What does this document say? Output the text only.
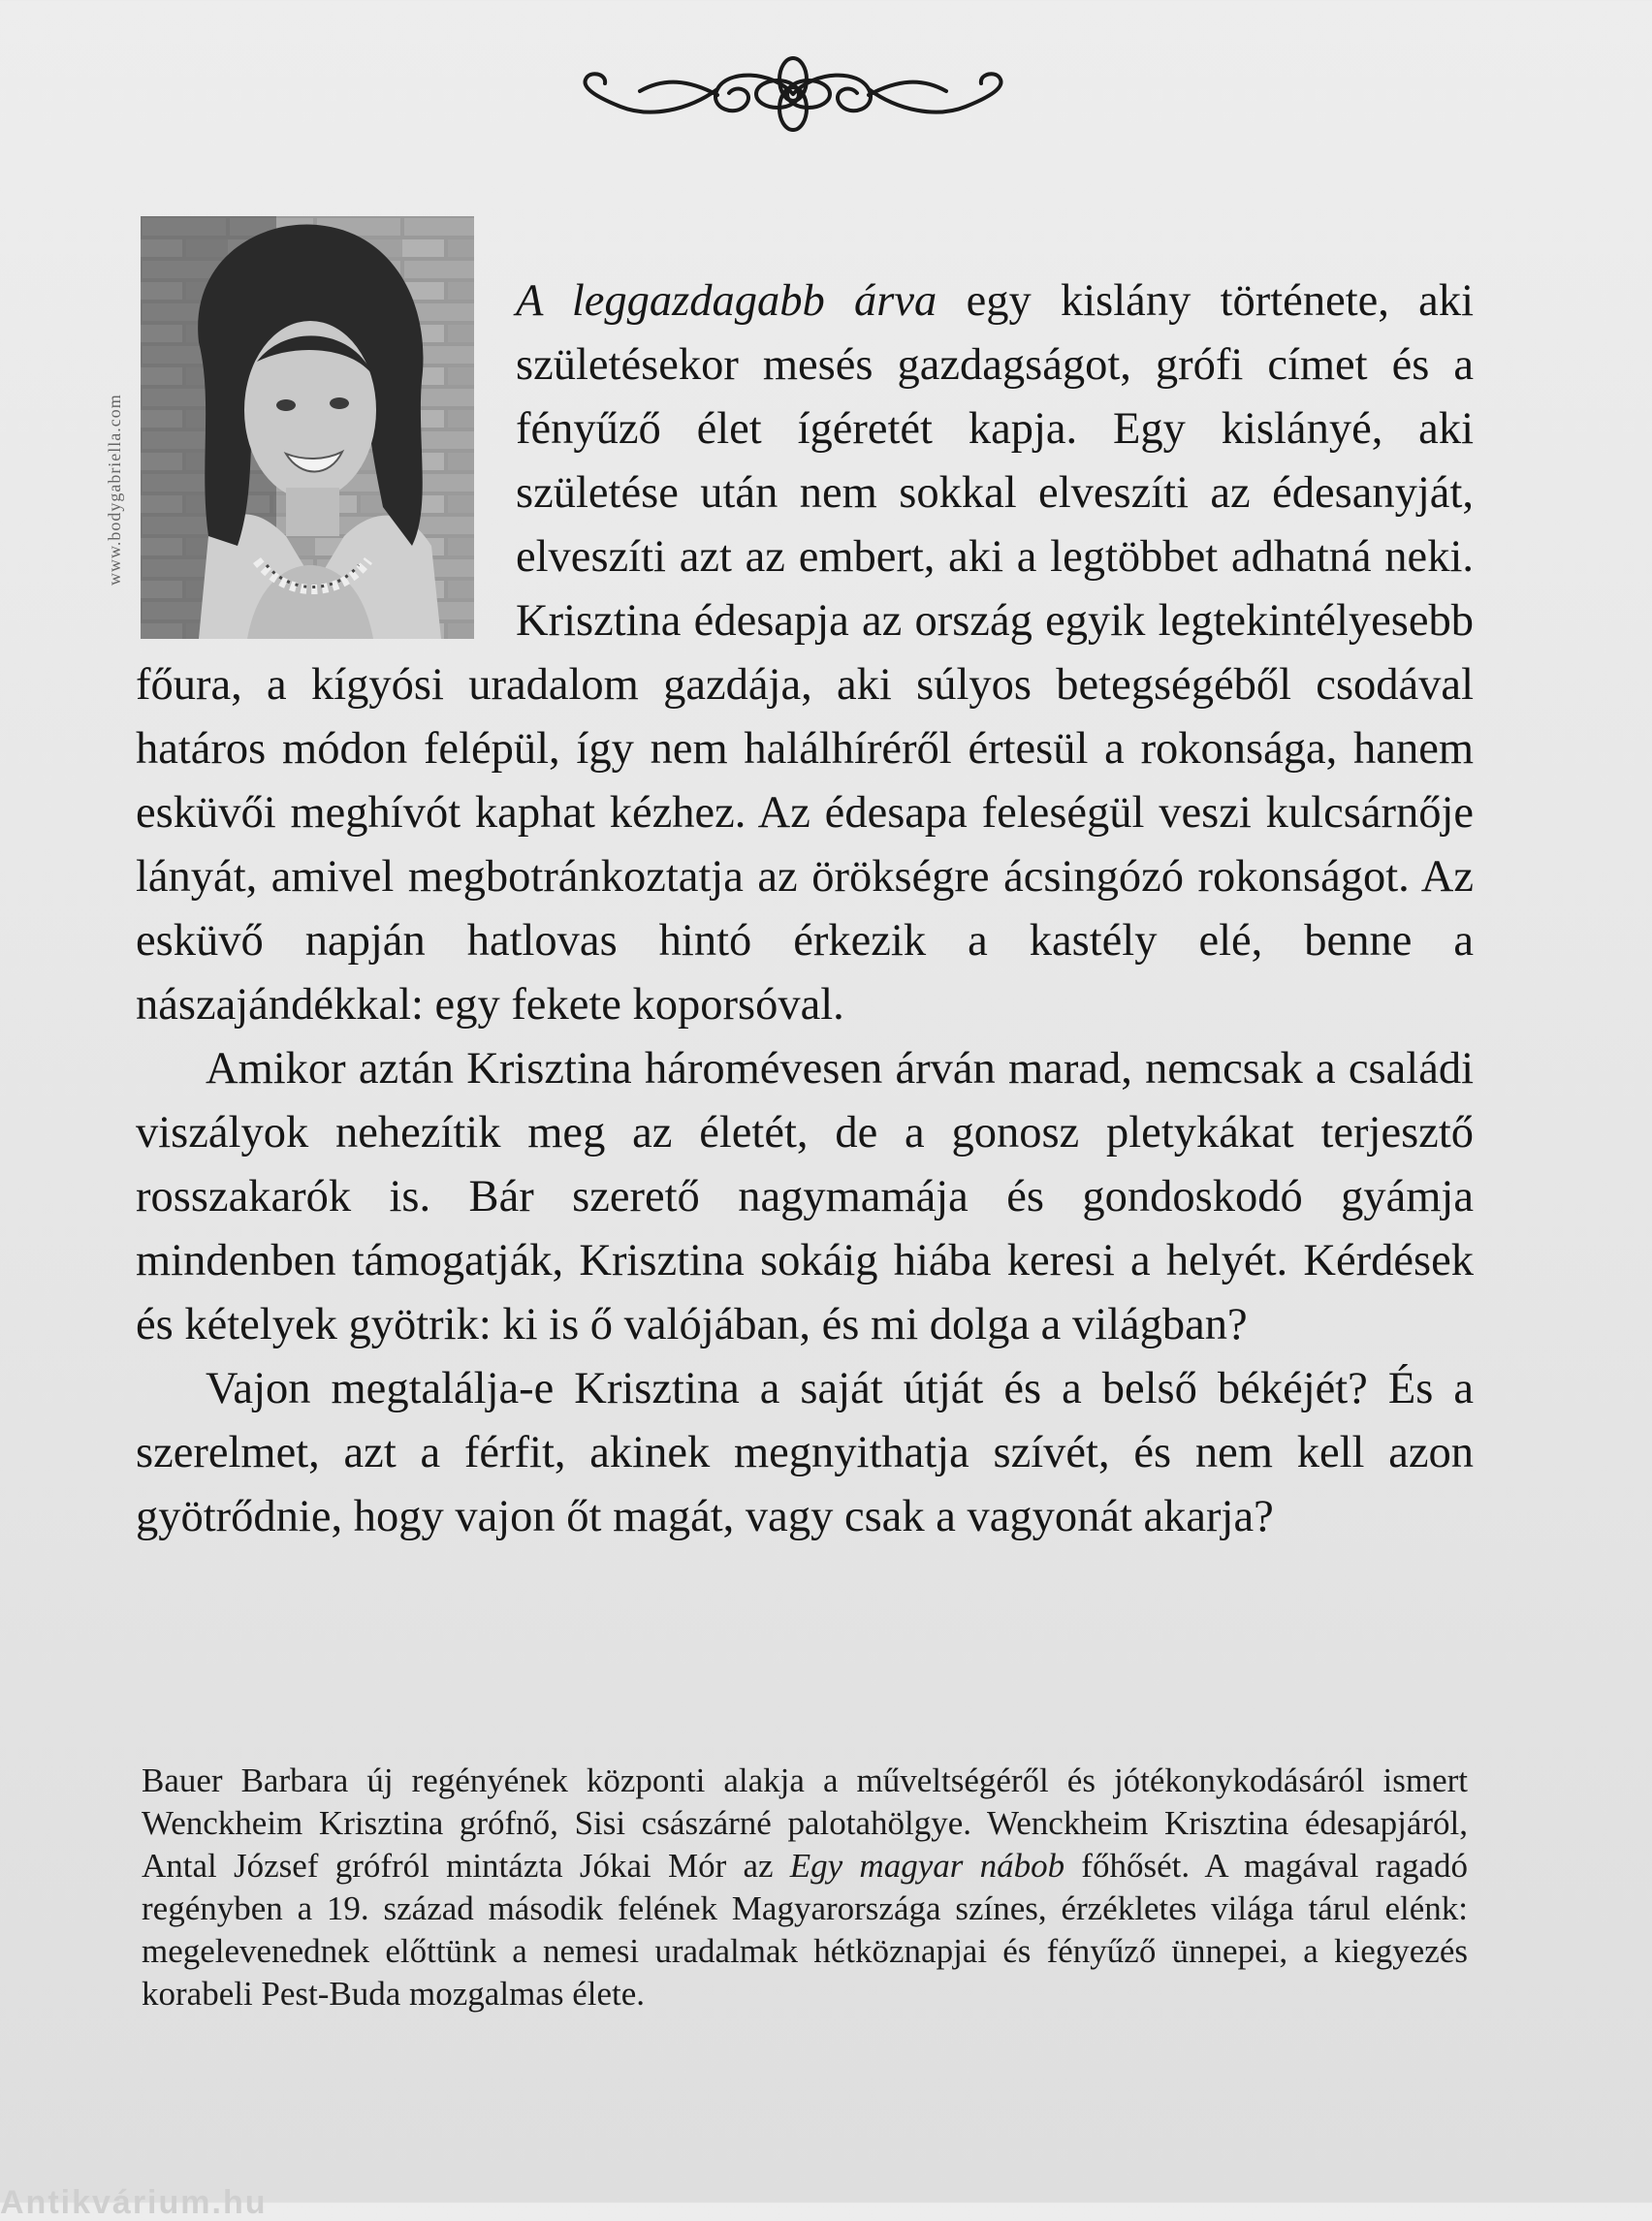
www.bodygabriella.com

A leggazdagabb árva egy kislány története, aki születésekor mesés gazdagságot, grófi címet és a fényűző élet ígéretét kapja. Egy kislányé, aki születése után nem sokkal elveszíti az édesanyját, elveszíti azt az embert, aki a legtöbbet adhatná neki. Krisztina édesapja az ország egyik legtekintélyesebb főura, a kígyósi uradalom gazdája, aki súlyos betegségéből csodával határos módon felépül, így nem halálhíréről értesül a rokonsága, hanem esküvői meghívót kaphat kézhez. Az édesapa feleségül veszi kulcsárnője lányát, amivel megbotránkoztatja az örökségre ácsingózó rokonságot. Az esküvő napján hatlovas hintó érkezik a kastély elé, benne a nászajándékkal: egy fekete koporsóval.

Amikor aztán Krisztina háromévesen árván marad, nemcsak a családi viszályok nehezítik meg az életét, de a gonosz pletykákat terjesztő rosszakarók is. Bár szerető nagymamája és gondoskodó gyámja mindenben támogatják, Krisztina sokáig hiába keresi a helyét. Kérdések és kételyek gyötrik: ki is ő valójában, és mi dolga a világban?

Vajon megtalálja-e Krisztina a saját útját és a belső békéjét? És a szerelmet, azt a férfit, akinek megnyithatja szívét, és nem kell azon gyötrődnie, hogy vajon őt magát, vagy csak a vagyonát akarja?

Bauer Barbara új regényének központi alakja a műveltségéről és jótékonykodásáról ismert Wenckheim Krisztina grófnő, Sisi császárné palotahölgye. Wenckheim Krisztina édesapjáról, Antal József grófról mintázta Jókai Mór az Egy magyar nábob főhősét. A magával ragadó regényben a 19. század második felének Magyarországa színes, érzékletes világa tárul elénk: megelevenednek előttünk a nemesi uradalmak hétköznapjai és fényűző ünnepei, a kiegyezés korabeli Pest-Buda mozgalmas élete.

Antikvárium.hu
